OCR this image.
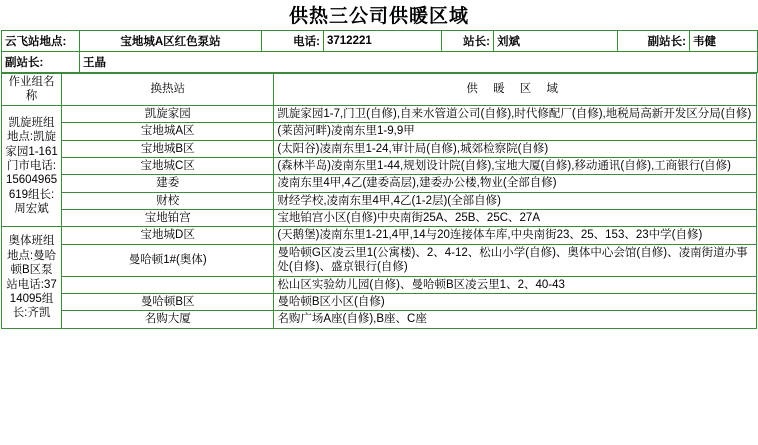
供热三公司供暖区域
云飞站地点:	宝地城A区红色泵站	电话:	3712221	站长:	刘斌	副站长:	韦健
副站长:	王晶						
作业组名称	换热站	供 暖 区 域
凯旋班组地点:凯旋家园1-161门市电话:15604965619组长:周宏斌	凯旋家园	凯旋家园1-7,门卫(自修),自来水管道公司(自修),时代修配厂(自修),地税局高新开发区分局(自修)
	宝地城A区	(莱茵河畔)凌南东里1-9,9甲
	宝地城B区	(太阳谷)凌南东里1-24,审计局(自修),城郊检察院(自修)
	宝地城C区	(森林半岛)凌南东里1-44,规划设计院(自修),宝地大厦(自修),移动通讯(自修),工商银行(自修)
	建委	凌南东里4甲,4乙(建委高层),建委办公楼,物业(全部自修)
	财校	财经学校,凌南东里4甲,4乙(1-2层)(全部自修)
	宝地铂宫	宝地铂宫小区(自修)中央南街25A、25B、25C、27A
奥体班组地点:曼哈顿B区泵站电话:3714095组长:齐凯	宝地城D区	(天鹅堡)凌南东里1-21,4甲,14与20连接体车库,中央南街23、25、153、23中学(自修)
	曼哈顿1#(奥体)	曼哈顿G区凌云里1(公寓楼)、2、4-12、松山小学(自修)、奥体中心会馆(自修)、凌南街道办事处(自修)、盛京银行(自修)
		松山区实验幼儿园(自修)、曼哈顿B区凌云里1、2、40-43
	曼哈顿B区	曼哈顿B区小区(自修)
	名购大厦	名购广场A座(自修),B座、C座
